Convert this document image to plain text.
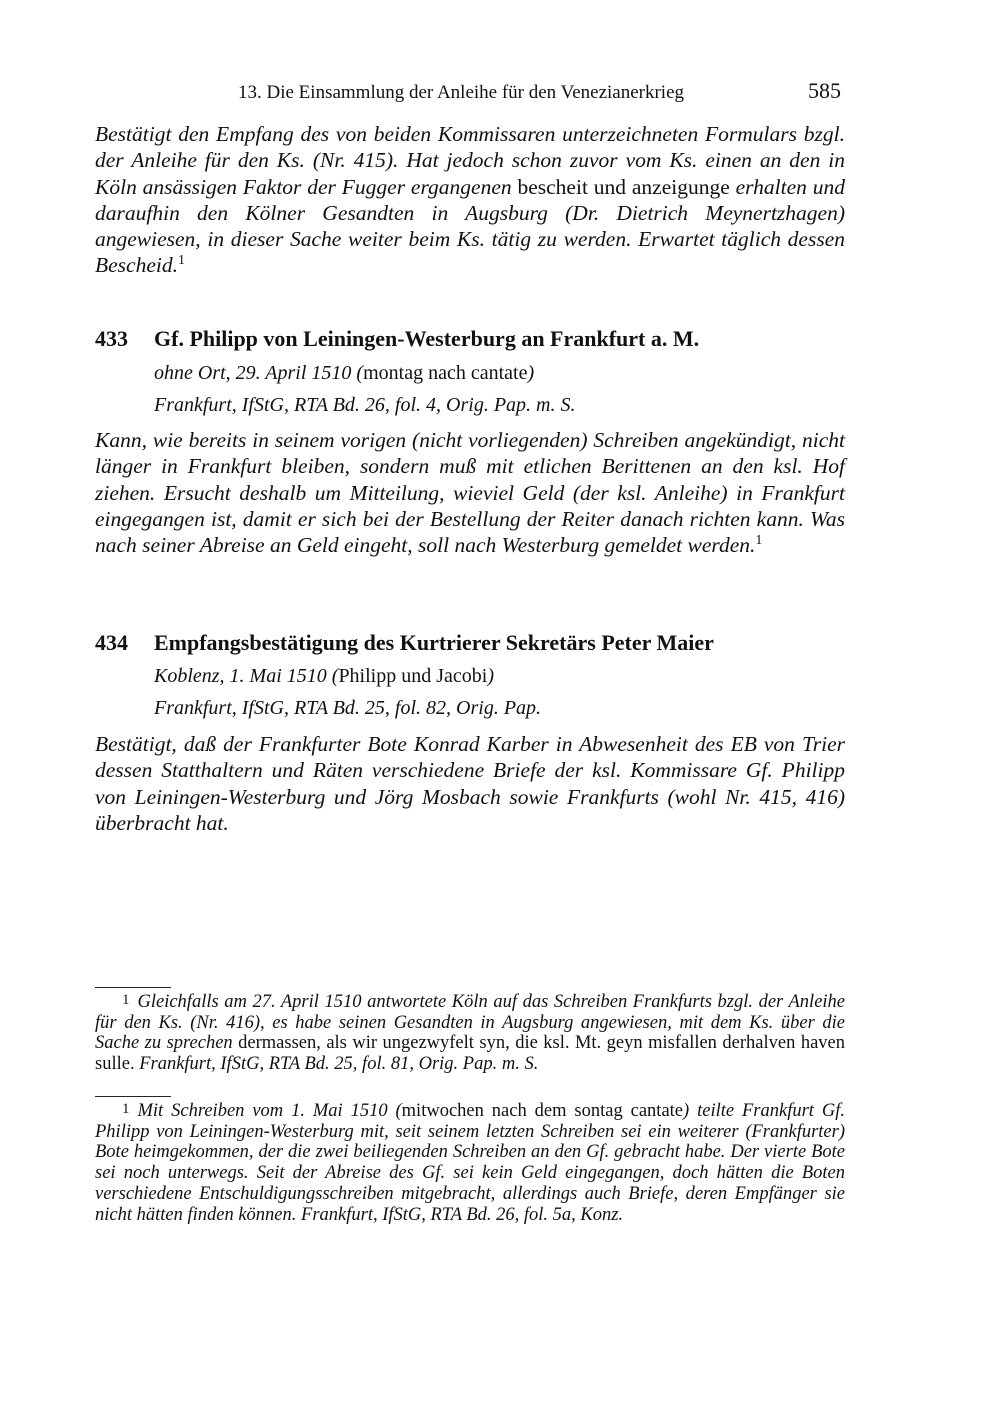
13. Die Einsammlung der Anleihe für den Venezianerkrieg	585

Bestätigt den Empfang des von beiden Kommissaren unterzeichneten Formulars bzgl. der Anleihe für den Ks. (Nr. 415). Hat jedoch schon zuvor vom Ks. einen an den in Köln ansässigen Faktor der Fugger ergangenen bescheit und anzeigunge erhalten und daraufhin den Kölner Gesandten in Augsburg (Dr. Dietrich Meynertzhagen) angewiesen, in dieser Sache weiter beim Ks. tätig zu werden. Erwartet täglich dessen Bescheid.$^1$

433 Gf. Philipp von Leiningen-Westerburg an Frankfurt a. M.
ohne Ort, 29. April 1510 (montag nach cantate)
Frankfurt, IfStG, RTA Bd. 26, fol. 4, Orig. Pap. m. S.

Kann, wie bereits in seinem vorigen (nicht vorliegenden) Schreiben angekündigt, nicht länger in Frankfurt bleiben, sondern muß mit etlichen Berittenen an den ksl. Hof ziehen. Ersucht deshalb um Mitteilung, wieviel Geld (der ksl. Anleihe) in Frankfurt eingegangen ist, damit er sich bei der Bestellung der Reiter danach richten kann. Was nach seiner Abreise an Geld eingeht, soll nach Westerburg gemeldet werden.$^1$

434 Empfangsbestätigung des Kurtrierer Sekretärs Peter Maier
Koblenz, 1. Mai 1510 (Philipp und Jacobi)
Frankfurt, IfStG, RTA Bd. 25, fol. 82, Orig. Pap.

Bestätigt, daß der Frankfurter Bote Konrad Karber in Abwesenheit des EB von Trier dessen Statthaltern und Räten verschiedene Briefe der ksl. Kommissare Gf. Philipp von Leiningen-Westerburg und Jörg Mosbach sowie Frankfurts (wohl Nr. 415, 416) überbracht hat.

$^1$ Gleichfalls am 27. April 1510 antwortete Köln auf das Schreiben Frankfurts bzgl. der Anleihe für den Ks. (Nr. 416), es habe seinen Gesandten in Augsburg angewiesen, mit dem Ks. über die Sache zu sprechen dermassen, als wir ungezwyfelt syn, die ksl. Mt. geyn misfallen derhalven haven sulle. Frankfurt, IfStG, RTA Bd. 25, fol. 81, Orig. Pap. m. S.

$^1$ Mit Schreiben vom 1. Mai 1510 (mitwochen nach dem sontag cantate) teilte Frankfurt Gf. Philipp von Leiningen-Westerburg mit, seit seinem letzten Schreiben sei ein weiterer (Frankfurter) Bote heimgekommen, der die zwei beiliegenden Schreiben an den Gf. gebracht habe. Der vierte Bote sei noch unterwegs. Seit der Abreise des Gf. sei kein Geld eingegangen, doch hätten die Boten verschiedene Entschuldigungsschreiben mitgebracht, allerdings auch Briefe, deren Empfänger sie nicht hätten finden können. Frankfurt, IfStG, RTA Bd. 26, fol. 5a, Konz.
